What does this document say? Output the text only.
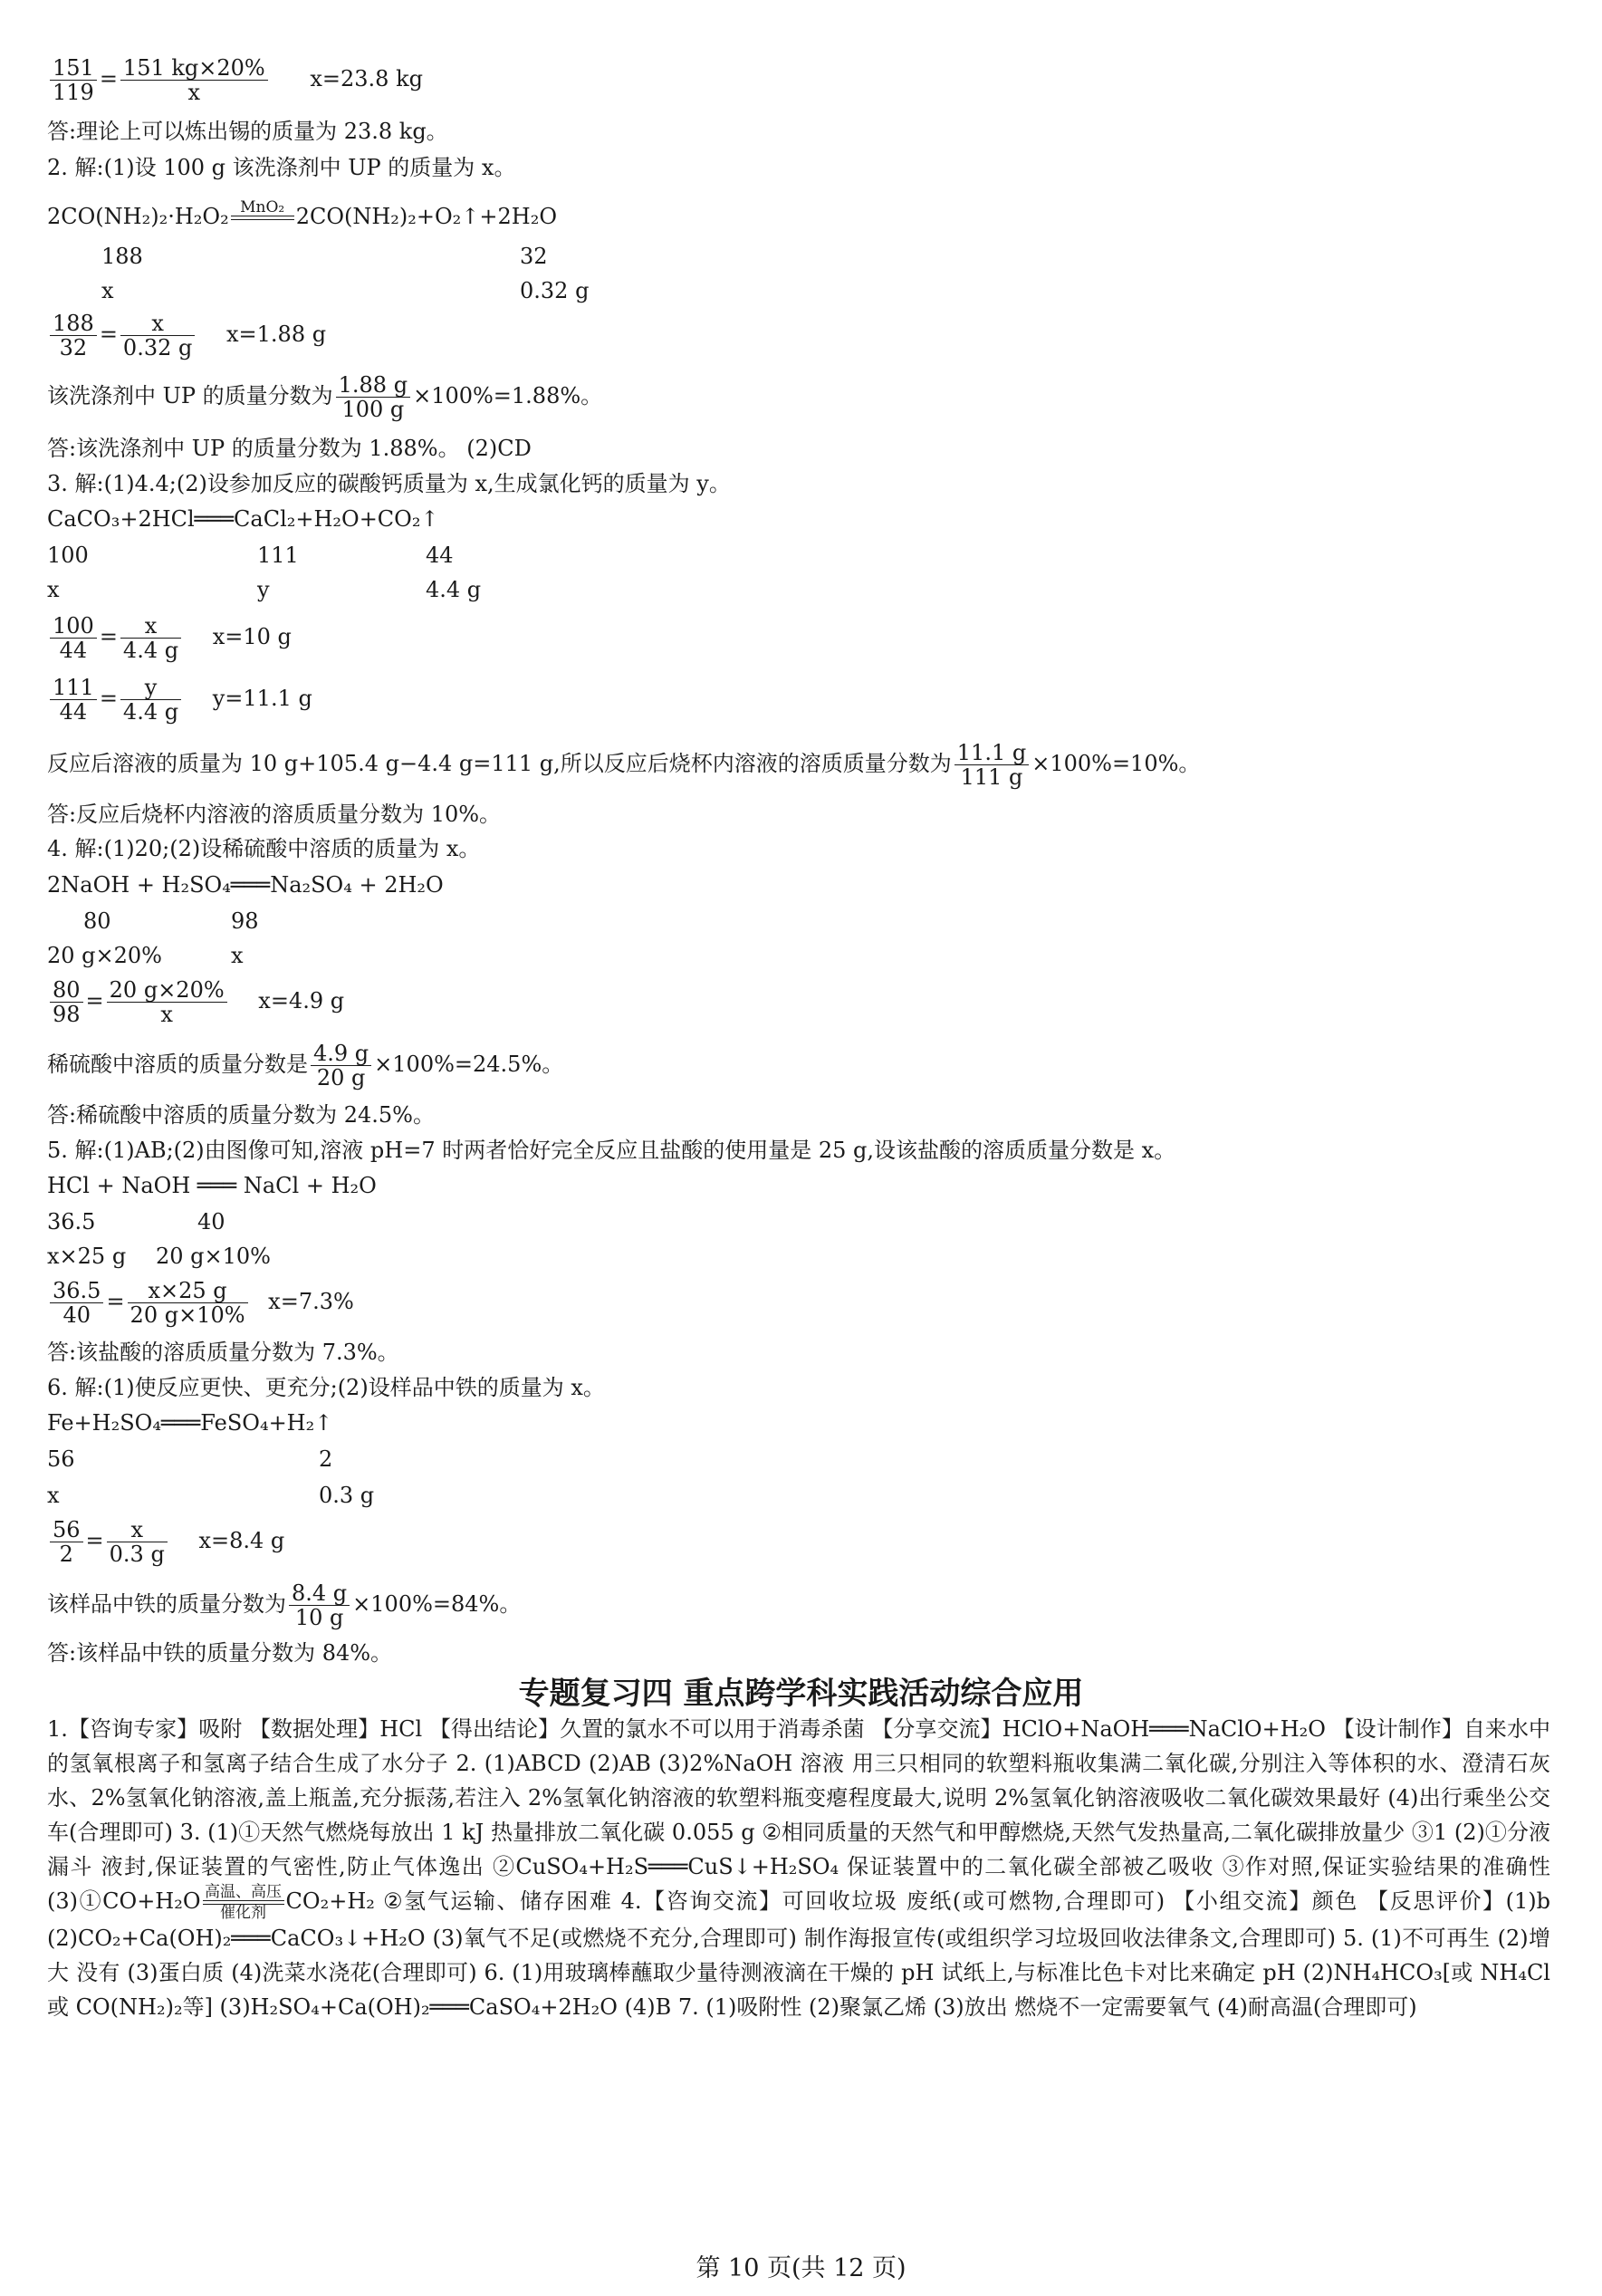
$\frac{151}{119} = \frac{151 kg\times 20\%}{x} x=23.8$ kg
答:理论上可以炼出锡的质量为 23.8 kg。
2. 解:(1)设 100 g 该洗涤剂中 UP 的质量为 x。
2CO(NH₂)₂·H₂O₂ MnO₂
2CO(NH₂)₂+O₂↑+2H₂O
188	32
x	0.32 g
$\frac{188}{32} = \frac{x}{0.32 g} x=1.88$ g
该洗涤剂中 UP 的质量分数为 $\frac{1.88 g}{100 g} \times 100\%=1.88\%$。
答:该洗涤剂中 UP 的质量分数为 1.88%。 (2)CD
3. 解:(1)4.4;(2)设参加反应的碳酸钙质量为 x,生成氯化钙的质量为 y。
CaCO₃+2HCl═══CaCl₂+H₂O+CO₂↑
100	111	44
x	y	4.4 g
$\frac{100}{44} = \frac{x}{4.4 g} x=10$ g
$\frac{111}{44} = \frac{y}{4.4 g} y=11.1$ g
反应后溶液的质量为 10 g+105.4 g−4.4 g=111 g,所以反应后烧杯内溶液的溶质质量分数为 $\frac{11.1 g}{111 g} \times 100\%=10\%$。
答:反应后烧杯内溶液的溶质质量分数为 10%。
4. 解:(1)20;(2)设稀硫酸中溶质的质量为 x。
2NaOH + H₂SO₄═══Na₂SO₄ + 2H₂O
80	98
20 g×20%	x
$\frac{80}{98} = \frac{20 g\times 20\%}{x} x=4.9$ g
稀硫酸中溶质的质量分数是 $\frac{4.9 g}{20 g} \times 100\%=24.5\%$。
答:稀硫酸中溶质的质量分数为 24.5%。
5. 解:(1)AB;(2)由图像可知,溶液 pH=7 时两者恰好完全反应且盐酸的使用量是 25 g,设该盐酸的溶质质量分数是 x。
HCl + NaOH ═══ NaCl + H₂O
36.5	40
x×25 g 20 g×10%
$\frac{36.5}{40} = \frac{x\times 25 g}{20 g\times 10\%} x=7.3\%$
答:该盐酸的溶质质量分数为 7.3%。
6. 解:(1)使反应更快、更充分;(2)设样品中铁的质量为 x。
Fe+H₂SO₄═══FeSO₄+H₂↑
56	2
x	0.3 g
$\frac{56}{2} = \frac{x}{0.3 g} x=8.4$ g
该样品中铁的质量分数为 $\frac{8.4 g}{10 g} \times 100\%=84\%$。
答:该样品中铁的质量分数为 84%。
专题复习四 重点跨学科实践活动综合应用
1.【咨询专家】吸附 【数据处理】HCl 【得出结论】久置的氯水不可以用于消毒杀菌 【分享交流】HClO+NaOH═══NaClO+H₂O 【设计制作】自来水中的氢氧根离子和氢离子结合生成了水分子 2. (1)ABCD (2)AB (3)2%NaOH 溶液 用三只相同的软塑料瓶收集满二氧化碳,分别注入等体积的水、澄清石灰水、2%氢氧化钠溶液,盖上瓶盖,充分振荡,若注入 2%氢氧化钠溶液的软塑料瓶变瘪程度最大,说明 2%氢氧化钠溶液吸收二氧化碳效果最好 (4)出行乘坐公交车(合理即可) 3. (1)①天然气燃烧每放出 1 kJ 热量排放二氧化碳 0.055 g ②相同质量的天然气和甲醇燃烧,天然气发热量高,二氧化碳排放量少 ③1 (2)①分液漏斗 液封,保证装置的气密性,防止气体逸出 ②CuSO₄+H₂S═══CuS↓+H₂SO₄ 保证装置中的二氧化碳全部被乙吸收 ③作对照,保证实验结果的准确性 (3)①CO+H₂O 高温、高压
催化剂 CO₂+H₂ ②氢气运输、储存困难 4.【咨询交流】可回收垃圾 废纸(或可燃物,合理即可) 【小组交流】颜色 【反思评价】(1)b (2)CO₂+Ca(OH)₂═══CaCO₃↓+H₂O (3)氧气不足(或燃烧不充分,合理即可) 制作海报宣传(或组织学习垃圾回收法律条文,合理即可) 5. (1)不可再生 (2)增大 没有 (3)蛋白质 (4)洗菜水浇花(合理即可) 6. (1)用玻璃棒蘸取少量待测液滴在干燥的 pH 试纸上,与标准比色卡对比来确定 pH (2)NH₄HCO₃[或 NH₄Cl 或 CO(NH₂)₂等] (3)H₂SO₄+Ca(OH)₂═══CaSO₄+2H₂O (4)B 7. (1)吸附性 (2)聚氯乙烯 (3)放出 燃烧不一定需要氧气 (4)耐高温(合理即可)
第 10 页(共 12 页)
